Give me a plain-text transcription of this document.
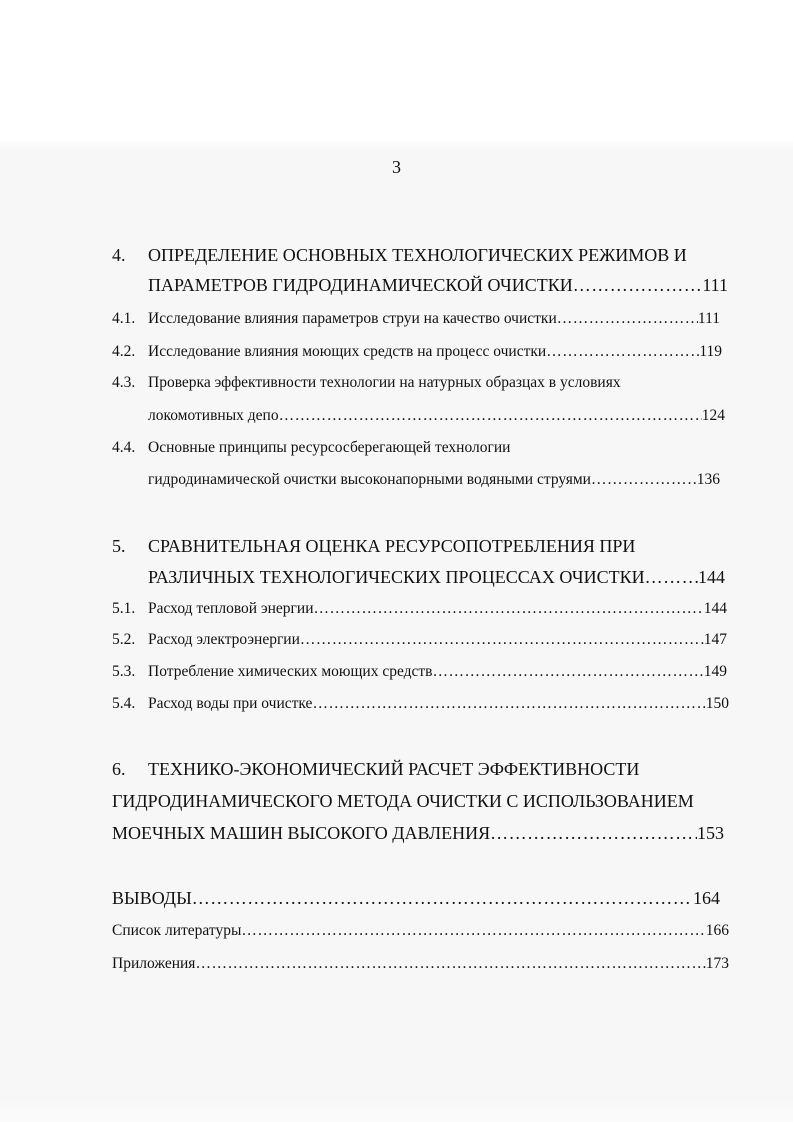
3
4. ОПРЕДЕЛЕНИЕ ОСНОВНЫХ ТЕХНОЛОГИЧЕСКИХ РЕЖИМОВ И
ПАРАМЕТРОВ ГИДРОДИНАМИЧЕСКОЙ ОЧИСТКИ …………………………………………………………………………………………………………………………………………………	111
4.1. Исследование влияния параметров струи на качество очистки …………………………………………………………………………………………………………………………………………………	111
4.2. Исследование влияния моющих средств на процесс очистки …………………………………………………………………………………………………………………………………………………	119
4.3. Проверка эффективности технологии на натурных образцах в условиях
локомотивных депо …………………………………………………………………………………………………………………………………………………	124
4.4. Основные принципы ресурсосберегающей технологии
гидродинамической очистки высоконапорными водяными струями …………………………………………………………………………………………………………………………………………………	136
5. СРАВНИТЕЛЬНАЯ ОЦЕНКА РЕСУРСОПОТРЕБЛЕНИЯ ПРИ
РАЗЛИЧНЫХ ТЕХНОЛОГИЧЕСКИХ ПРОЦЕССАХ ОЧИСТКИ …………………………………………………………………………………………………………………………………………………	144
5.1. Расход тепловой энергии …………………………………………………………………………………………………………………………………………………	144
5.2. Расход электроэнергии …………………………………………………………………………………………………………………………………………………	147
5.3. Потребление химических моющих средств …………………………………………………………………………………………………………………………………………………	149
5.4. Расход воды при очистке …………………………………………………………………………………………………………………………………………………	150
6. ТЕХНИКО-ЭКОНОМИЧЕСКИЙ РАСЧЕТ ЭФФЕКТИВНОСТИ
ГИДРОДИНАМИЧЕСКОГО МЕТОДА ОЧИСТКИ С ИСПОЛЬЗОВАНИЕМ
МОЕЧНЫХ МАШИН ВЫСОКОГО ДАВЛЕНИЯ …………………………………………………………………………………………………………………………………………………	153
ВЫВОДЫ …………………………………………………………………………………………………………………………………………………	164
Список литературы …………………………………………………………………………………………………………………………………………………	166
Приложения …………………………………………………………………………………………………………………………………………………	173
